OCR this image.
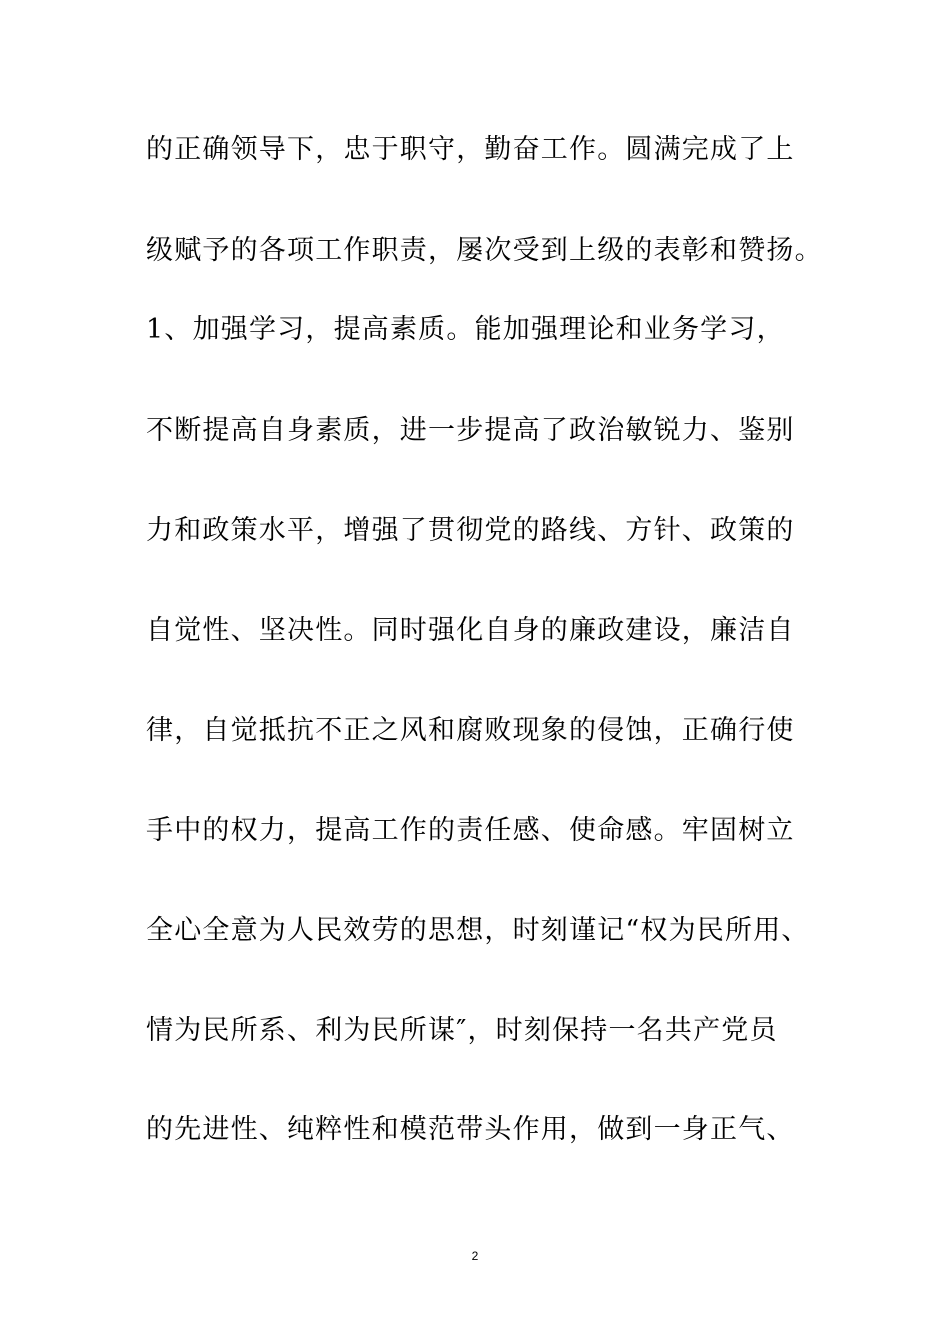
的正确领导下，忠于职守，勤奋工作。圆满完成了上
级赋予的各项工作职责，屡次受到上级的表彰和赞扬。
1、加强学习，提高素质。能加强理论和业务学习，
不断提高自身素质，进一步提高了政治敏锐力、鉴别
力和政策水平，增强了贯彻党的路线、方针、政策的
自觉性、坚决性。同时强化自身的廉政建设，廉洁自
律，自觉抵抗不正之风和腐败现象的侵蚀，正确行使
手中的权力，提高工作的责任感、使命感。牢固树立
全心全意为人民效劳的思想，时刻谨记“权为民所用、
情为民所系、利为民所谋″，时刻保持一名共产党员
的先进性、纯粹性和模范带头作用，做到一身正气、
2
